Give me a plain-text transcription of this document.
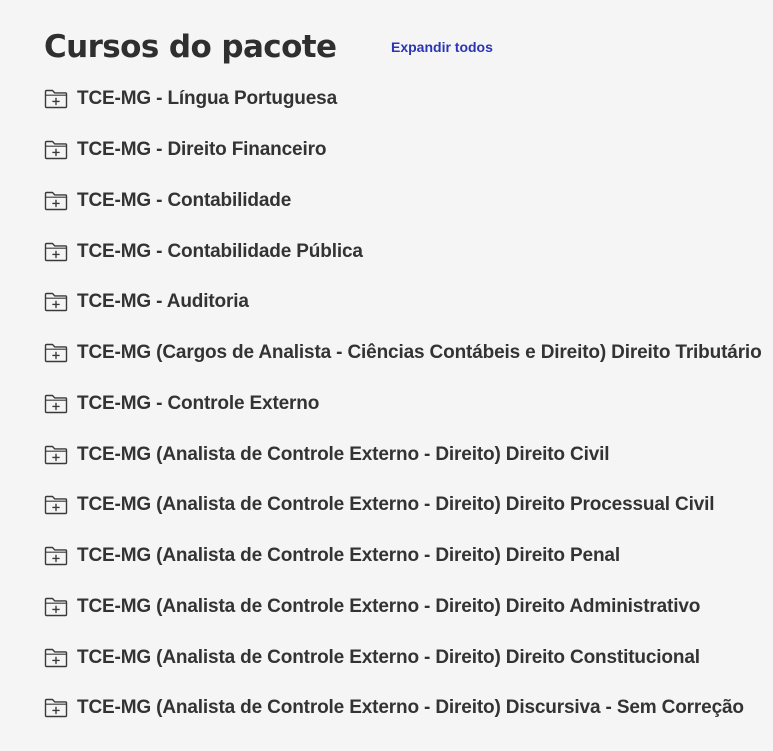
Cursos do pacote	Expandir todos
TCE-MG - Língua Portuguesa
TCE-MG - Direito Financeiro
TCE-MG - Contabilidade
TCE-MG - Contabilidade Pública
TCE-MG - Auditoria
TCE-MG (Cargos de Analista - Ciências Contábeis e Direito) Direito Tributário
TCE-MG - Controle Externo
TCE-MG (Analista de Controle Externo - Direito) Direito Civil
TCE-MG (Analista de Controle Externo - Direito) Direito Processual Civil
TCE-MG (Analista de Controle Externo - Direito) Direito Penal
TCE-MG (Analista de Controle Externo - Direito) Direito Administrativo
TCE-MG (Analista de Controle Externo - Direito) Direito Constitucional
TCE-MG (Analista de Controle Externo - Direito) Discursiva - Sem Correção
